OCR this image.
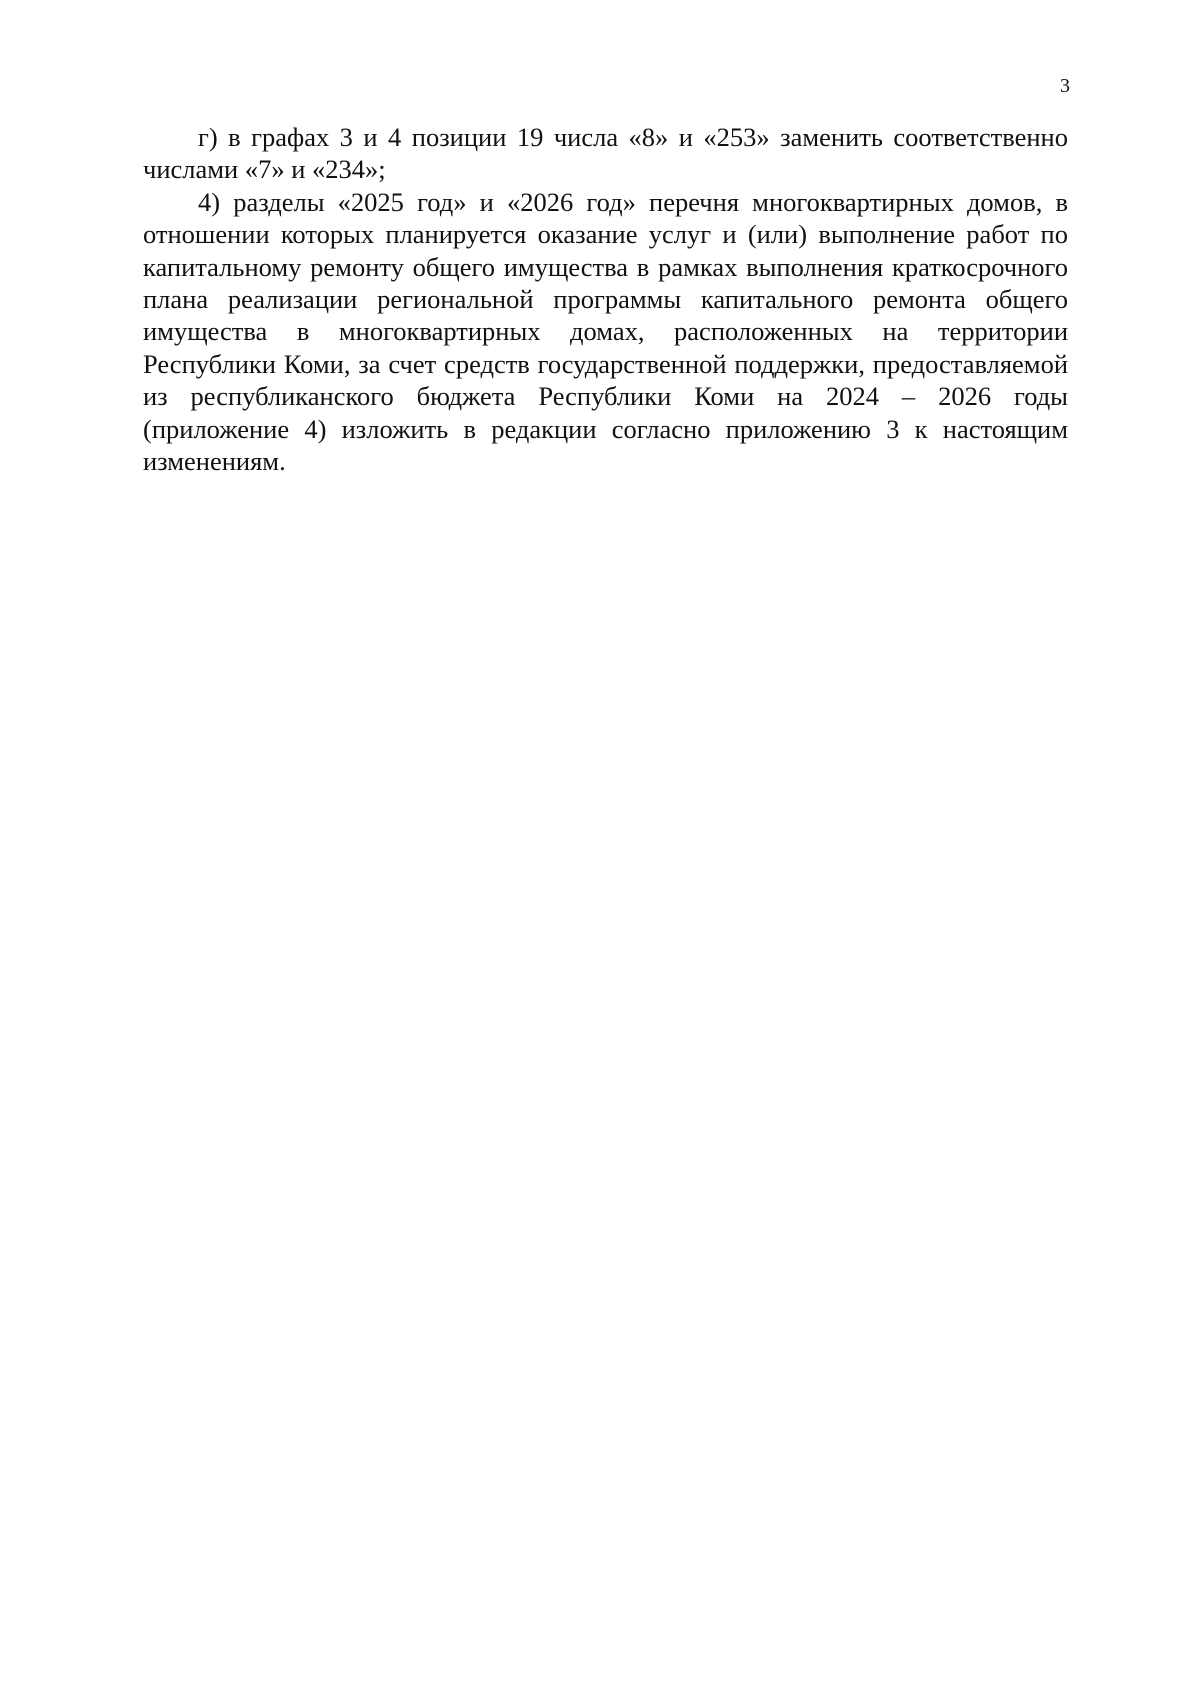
3

г) в графах 3 и 4 позиции 19 числа «8» и «253» заменить соответственно числами «7» и «234»;

4) разделы «2025 год» и «2026 год» перечня многоквартирных домов, в отношении которых планируется оказание услуг и (или) выполнение работ по капитальному ремонту общего имущества в рамках выполнения краткосрочного плана реализации региональной программы капитального ремонта общего имущества в многоквартирных домах, расположенных на территории Республики Коми, за счет средств государственной поддержки, предоставляемой из республиканского бюджета Республики Коми на 2024 – 2026 годы (приложение 4) изложить в редакции согласно приложению 3 к настоящим изменениям.
